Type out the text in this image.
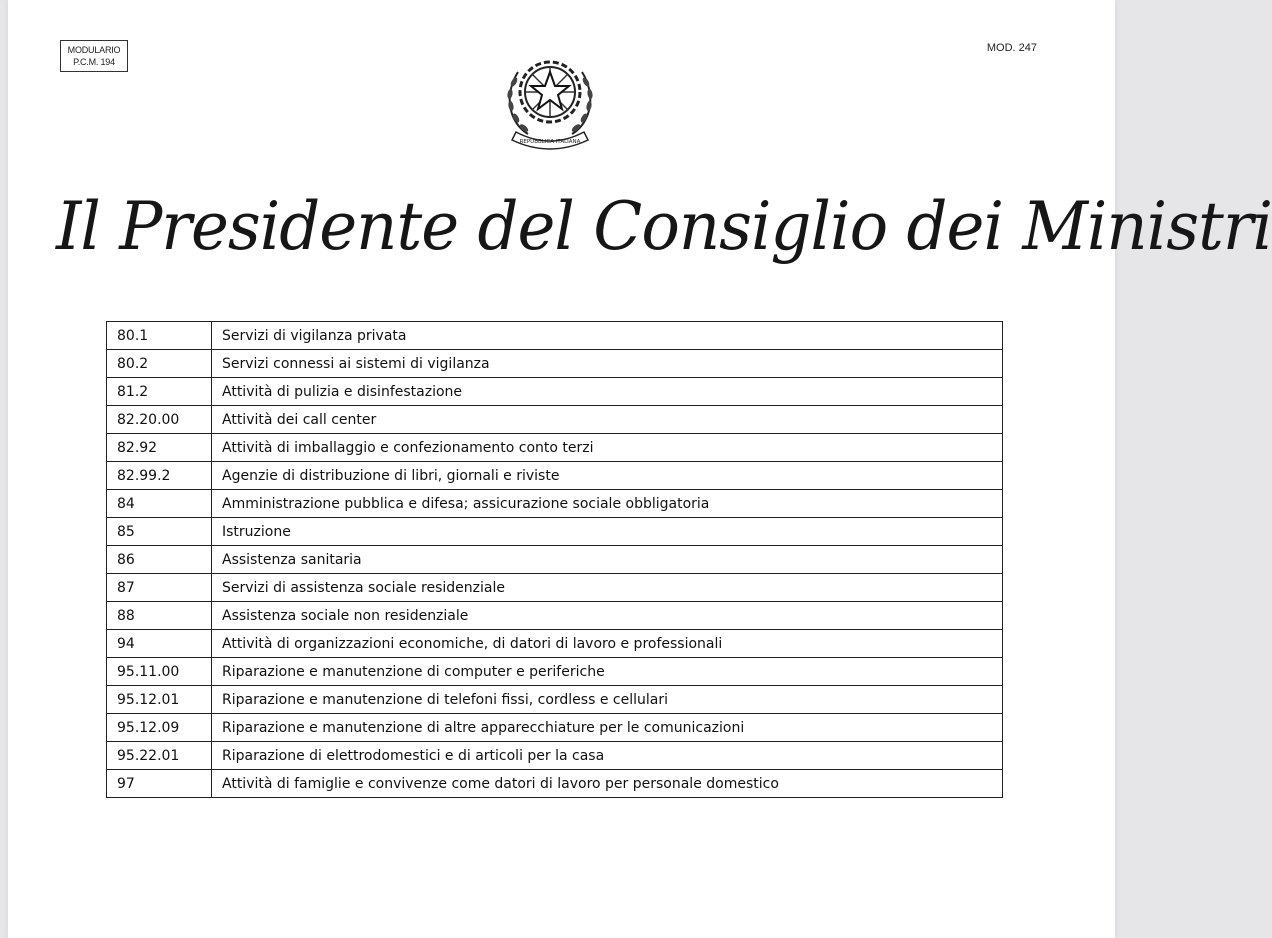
MODULARIO
P.C.M. 194
MOD. 247
REPUBBLICA ITALIANA
Il Presidente del Consiglio dei Ministri
80.1	Servizi di vigilanza privata
80.2	Servizi connessi ai sistemi di vigilanza
81.2	Attività di pulizia e disinfestazione
82.20.00	Attività dei call center
82.92	Attività di imballaggio e confezionamento conto terzi
82.99.2	Agenzie di distribuzione di libri, giornali e riviste
84	Amministrazione pubblica e difesa; assicurazione sociale obbligatoria
85	Istruzione
86	Assistenza sanitaria
87	Servizi di assistenza sociale residenziale
88	Assistenza sociale non residenziale
94	Attività di organizzazioni economiche, di datori di lavoro e professionali
95.11.00	Riparazione e manutenzione di computer e periferiche
95.12.01	Riparazione e manutenzione di telefoni fissi, cordless e cellulari
95.12.09	Riparazione e manutenzione di altre apparecchiature per le comunicazioni
95.22.01	Riparazione di elettrodomestici e di articoli per la casa
97	Attività di famiglie e convivenze come datori di lavoro per personale domestico
